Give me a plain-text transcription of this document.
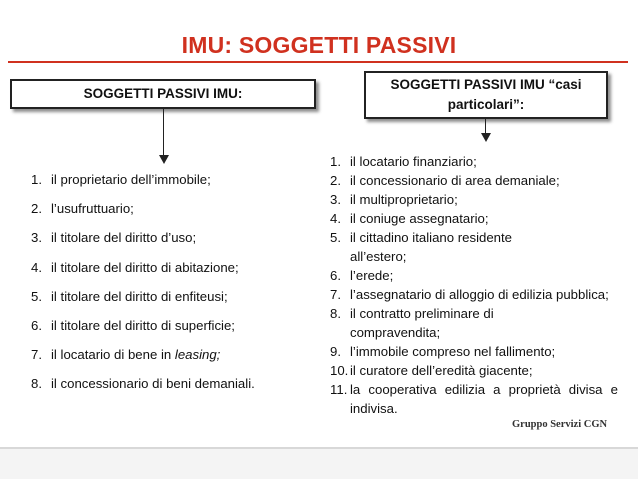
IMU: SOGGETTI PASSIVI
SOGGETTI PASSIVI IMU:
SOGGETTI PASSIVI IMU “casi
particolari”:
1. il proprietario dell’immobile;
2. l’usufruttuario;
3. il titolare del diritto d’uso;
4. il titolare del diritto di abitazione;
5. il titolare del diritto di enfiteusi;
6. il titolare del diritto di superficie;
7. il locatario di bene in leasing;
8. il concessionario di beni demaniali.
1. il locatario finanziario;
2. il concessionario di area demaniale;
3. il multiproprietario;
4. il coniuge assegnatario;
5. il cittadino italiano residente all’estero;
6. l’erede;
7. l’assegnatario di alloggio di edilizia pubblica;
8. il contratto preliminare di compravendita;
9. l’immobile compreso nel fallimento;
10. il curatore dell’eredità giacente;
11. la cooperativa edilizia a proprietà divisa e indivisa.
Gruppo Servizi CGN
